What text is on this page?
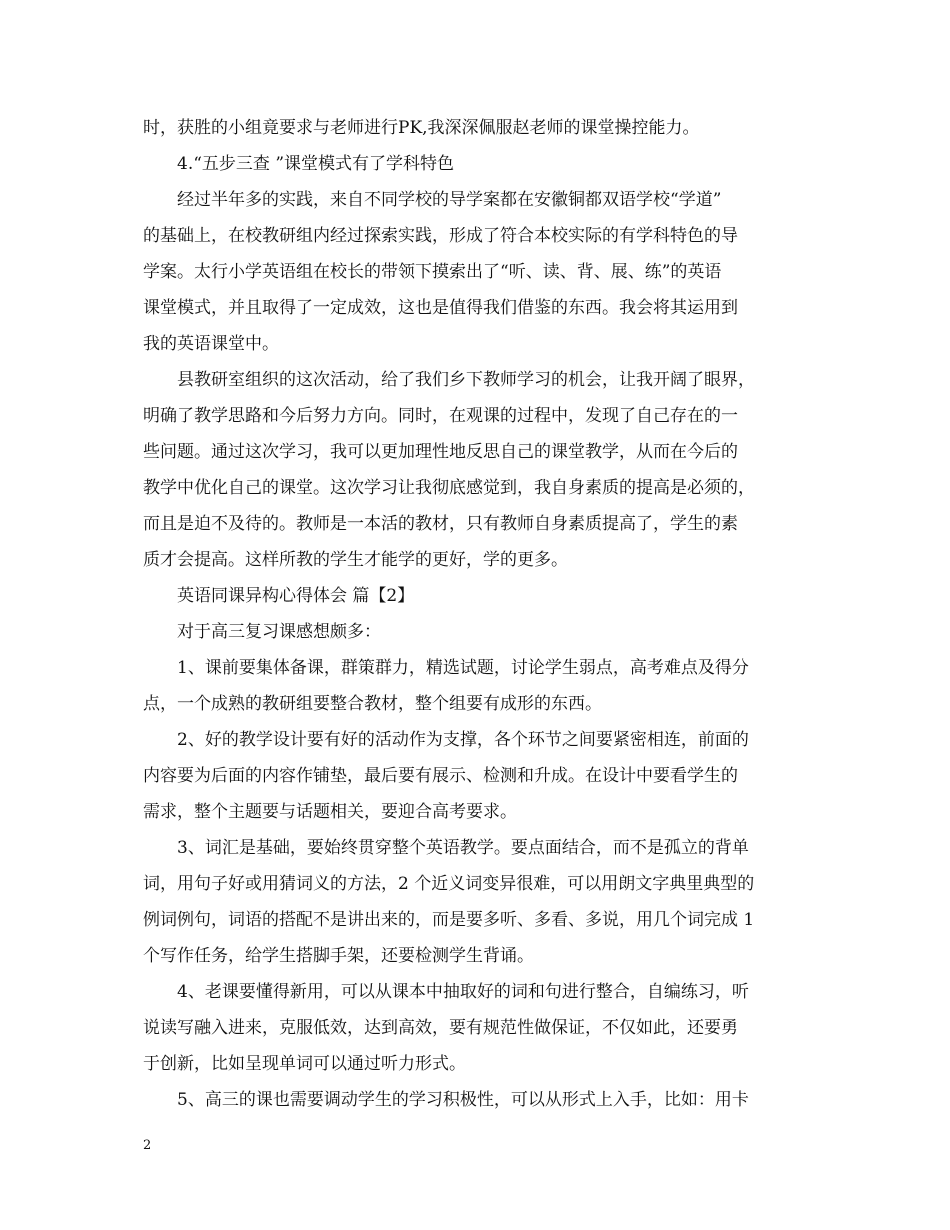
时，获胜的小组竟要求与老师进行PK,我深深佩服赵老师的课堂操控能力。
4.“五步三查 ”课堂模式有了学科特色
经过半年多的实践，来自不同学校的导学案都在安徽铜都双语学校“学道”
的基础上，在校教研组内经过探索实践，形成了符合本校实际的有学科特色的导
学案。太行小学英语组在校长的带领下摸索出了“听、读、背、展、练”的英语
课堂模式，并且取得了一定成效，这也是值得我们借鉴的东西。我会将其运用到
我的英语课堂中。
县教研室组织的这次活动，给了我们乡下教师学习的机会，让我开阔了眼界，
明确了教学思路和今后努力方向。同时，在观课的过程中，发现了自己存在的一
些问题。通过这次学习，我可以更加理性地反思自己的课堂教学，从而在今后的
教学中优化自己的课堂。这次学习让我彻底感觉到，我自身素质的提高是必须的，
而且是迫不及待的。教师是一本活的教材，只有教师自身素质提高了，学生的素
质才会提高。这样所教的学生才能学的更好，学的更多。
英语同课异构心得体会 篇【2】
对于高三复习课感想颇多：
1、课前要集体备课，群策群力，精选试题，讨论学生弱点，高考难点及得分
点，一个成熟的教研组要整合教材，整个组要有成形的东西。
2、好的教学设计要有好的活动作为支撑，各个环节之间要紧密相连，前面的
内容要为后面的内容作铺垫，最后要有展示、检测和升成。在设计中要看学生的
需求，整个主题要与话题相关，要迎合高考要求。
3、词汇是基础，要始终贯穿整个英语教学。要点面结合，而不是孤立的背单
词，用句子好或用猜词义的方法，2 个近义词变异很难，可以用朗文字典里典型的
例词例句，词语的搭配不是讲出来的，而是要多听、多看、多说，用几个词完成 1
个写作任务，给学生搭脚手架，还要检测学生背诵。
4、老课要懂得新用，可以从课本中抽取好的词和句进行整合，自编练习，听
说读写融入进来，克服低效，达到高效，要有规范性做保证，不仅如此，还要勇
于创新，比如呈现单词可以通过听力形式。
5、高三的课也需要调动学生的学习积极性，可以从形式上入手，比如：用卡
2
